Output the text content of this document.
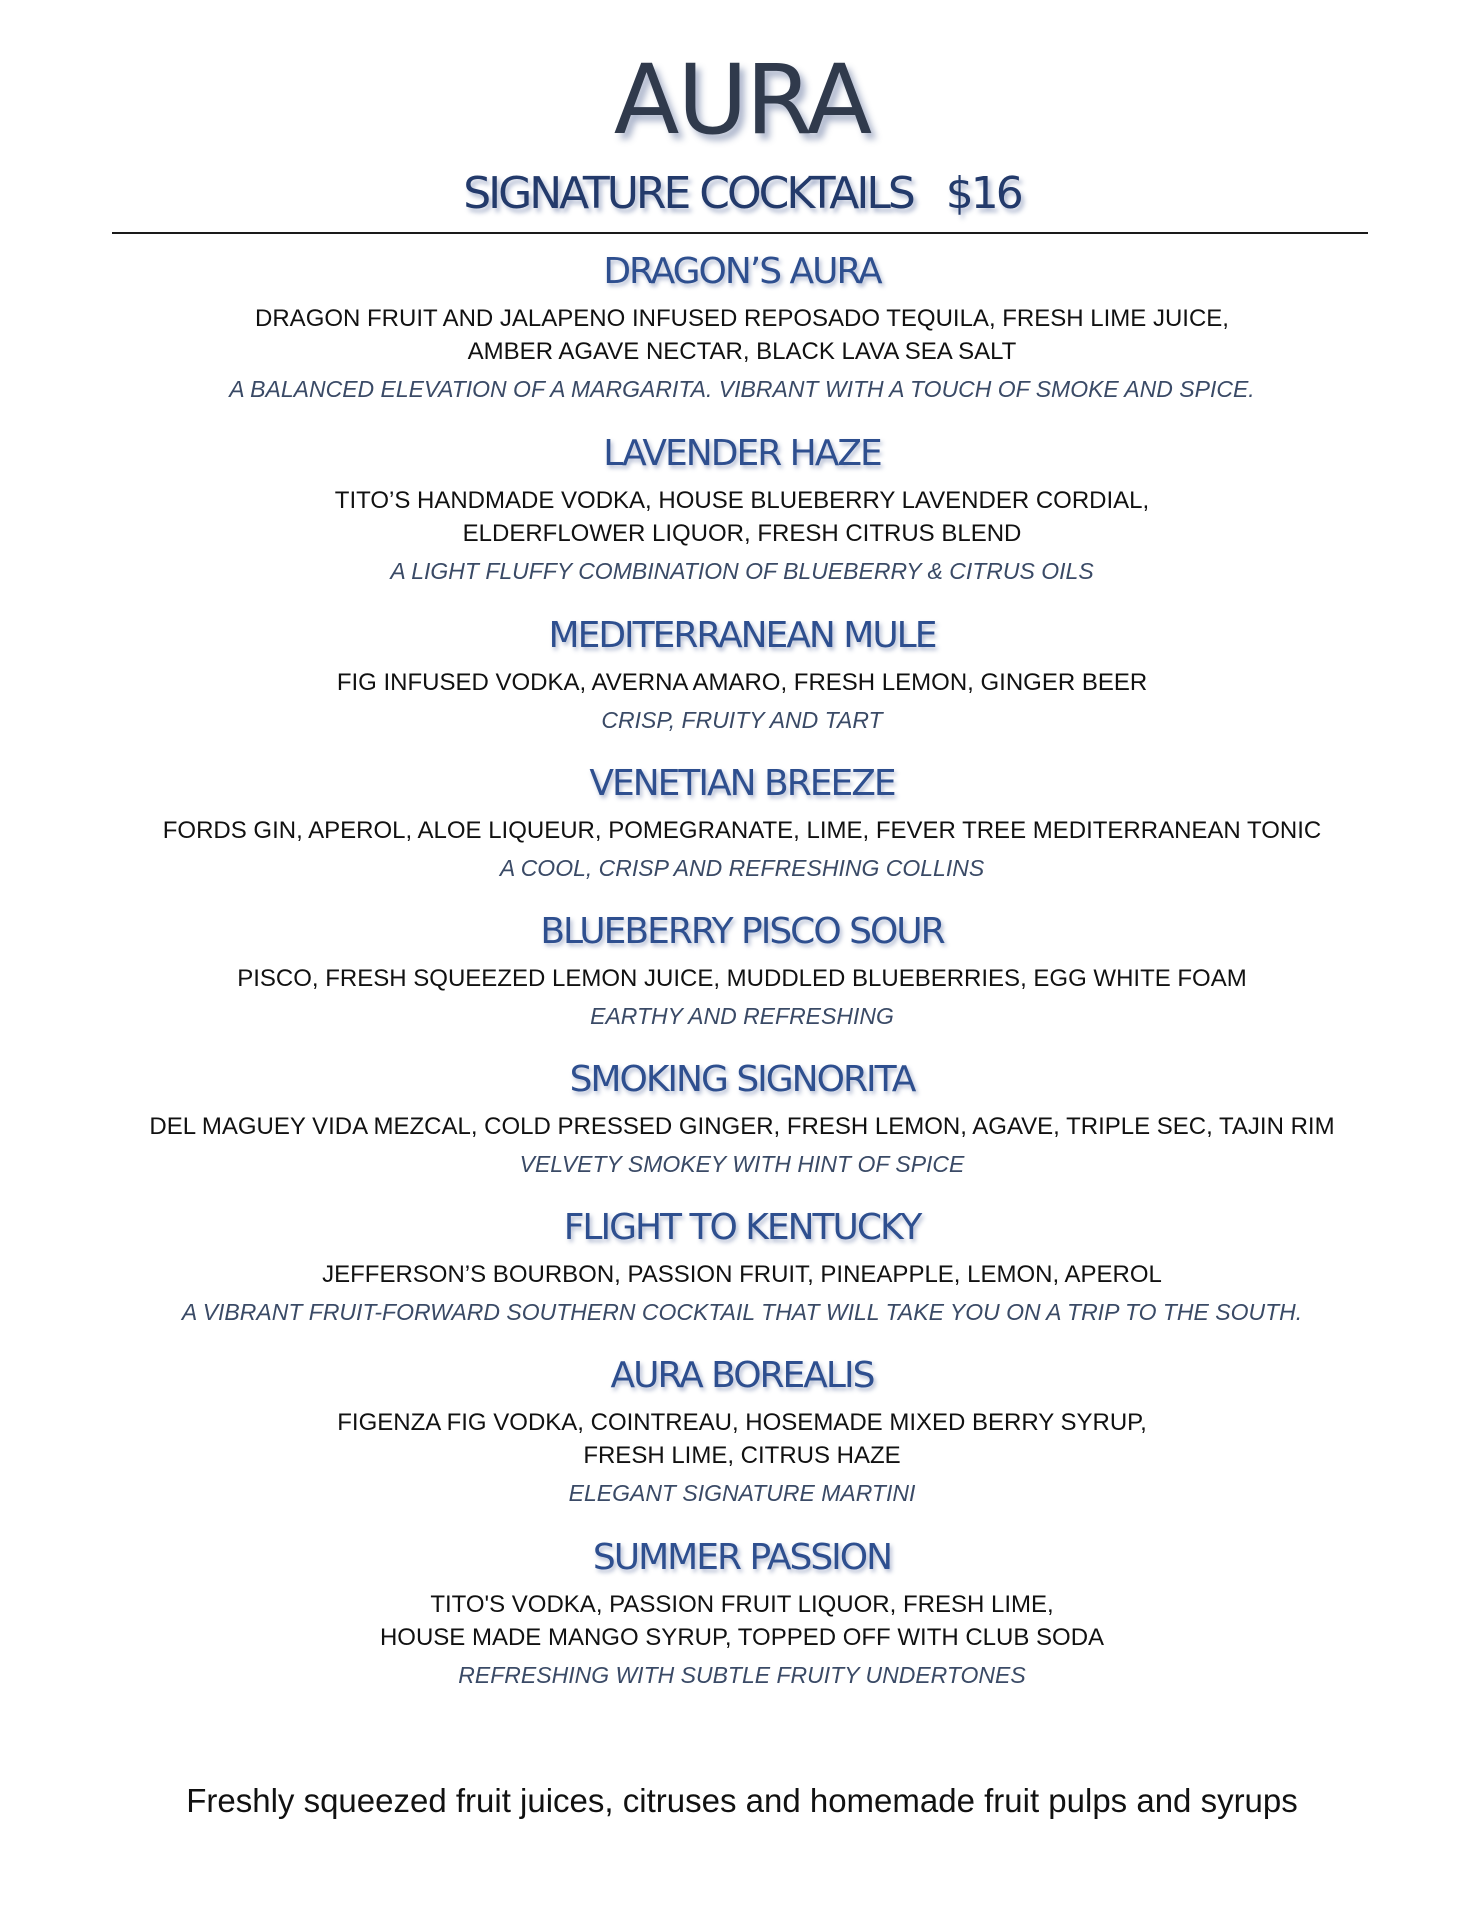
AURA
SIGNATURE COCKTAILS   $16
DRAGON’S AURA
DRAGON FRUIT AND JALAPENO INFUSED REPOSADO TEQUILA, FRESH LIME JUICE,
AMBER AGAVE NECTAR, BLACK LAVA SEA SALT
A BALANCED ELEVATION OF A MARGARITA. VIBRANT WITH A TOUCH OF SMOKE AND SPICE.
LAVENDER HAZE
TITO’S HANDMADE VODKA, HOUSE BLUEBERRY LAVENDER CORDIAL,
ELDERFLOWER LIQUOR, FRESH CITRUS BLEND
A LIGHT FLUFFY COMBINATION OF BLUEBERRY & CITRUS OILS
MEDITERRANEAN MULE
FIG INFUSED VODKA, AVERNA AMARO, FRESH LEMON, GINGER BEER
CRISP, FRUITY AND TART
VENETIAN BREEZE
FORDS GIN, APEROL, ALOE LIQUEUR, POMEGRANATE, LIME, FEVER TREE MEDITERRANEAN TONIC
A COOL, CRISP AND REFRESHING COLLINS
BLUEBERRY PISCO SOUR
PISCO, FRESH SQUEEZED LEMON JUICE, MUDDLED BLUEBERRIES, EGG WHITE FOAM
EARTHY AND REFRESHING
SMOKING SIGNORITA
DEL MAGUEY VIDA MEZCAL, COLD PRESSED GINGER, FRESH LEMON, AGAVE, TRIPLE SEC, TAJIN RIM
VELVETY SMOKEY WITH HINT OF SPICE
FLIGHT TO KENTUCKY
JEFFERSON’S BOURBON, PASSION FRUIT, PINEAPPLE, LEMON, APEROL
A VIBRANT FRUIT-FORWARD SOUTHERN COCKTAIL THAT WILL TAKE YOU ON A TRIP TO THE SOUTH.
AURA BOREALIS
FIGENZA FIG VODKA, COINTREAU, HOSEMADE MIXED BERRY SYRUP,
FRESH LIME, CITRUS HAZE
ELEGANT SIGNATURE MARTINI
SUMMER PASSION
TITO'S VODKA, PASSION FRUIT LIQUOR, FRESH LIME,
HOUSE MADE MANGO SYRUP, TOPPED OFF WITH CLUB SODA
REFRESHING WITH SUBTLE FRUITY UNDERTONES
Freshly squeezed fruit juices, citruses and homemade fruit pulps and syrups
